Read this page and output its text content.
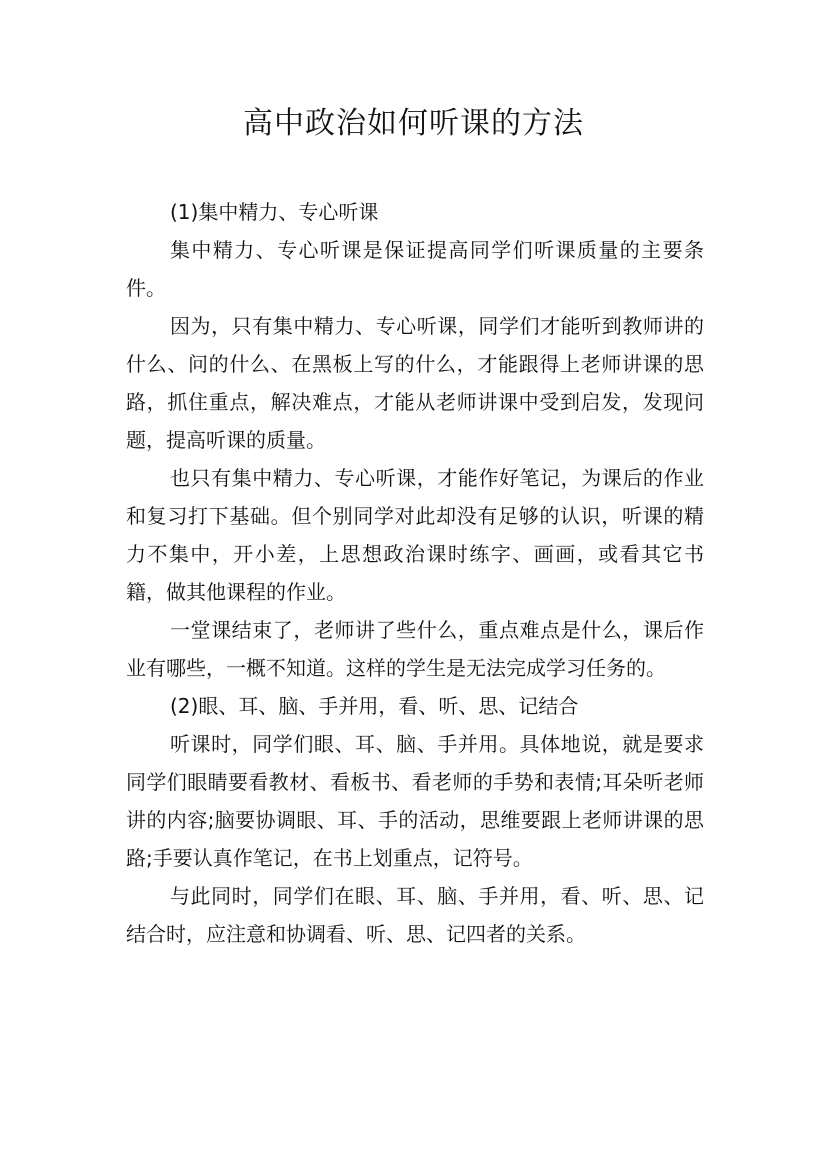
高中政治如何听课的方法

(1)集中精力、专心听课

集中精力、专心听课是保证提高同学们听课质量的主要条件。

因为，只有集中精力、专心听课，同学们才能听到教师讲的什么、问的什么、在黑板上写的什么，才能跟得上老师讲课的思路，抓住重点，解决难点，才能从老师讲课中受到启发，发现问题，提高听课的质量。

也只有集中精力、专心听课，才能作好笔记，为课后的作业和复习打下基础。但个别同学对此却没有足够的认识，听课的精力不集中，开小差，上思想政治课时练字、画画，或看其它书籍，做其他课程的作业。

一堂课结束了，老师讲了些什么，重点难点是什么，课后作业有哪些，一概不知道。这样的学生是无法完成学习任务的。

(2)眼、耳、脑、手并用，看、听、思、记结合

听课时，同学们眼、耳、脑、手并用。具体地说，就是要求同学们眼睛要看教材、看板书、看老师的手势和表情;耳朵听老师讲的内容;脑要协调眼、耳、手的活动，思维要跟上老师讲课的思路;手要认真作笔记，在书上划重点，记符号。

与此同时，同学们在眼、耳、脑、手并用，看、听、思、记结合时，应注意和协调看、听、思、记四者的关系。
